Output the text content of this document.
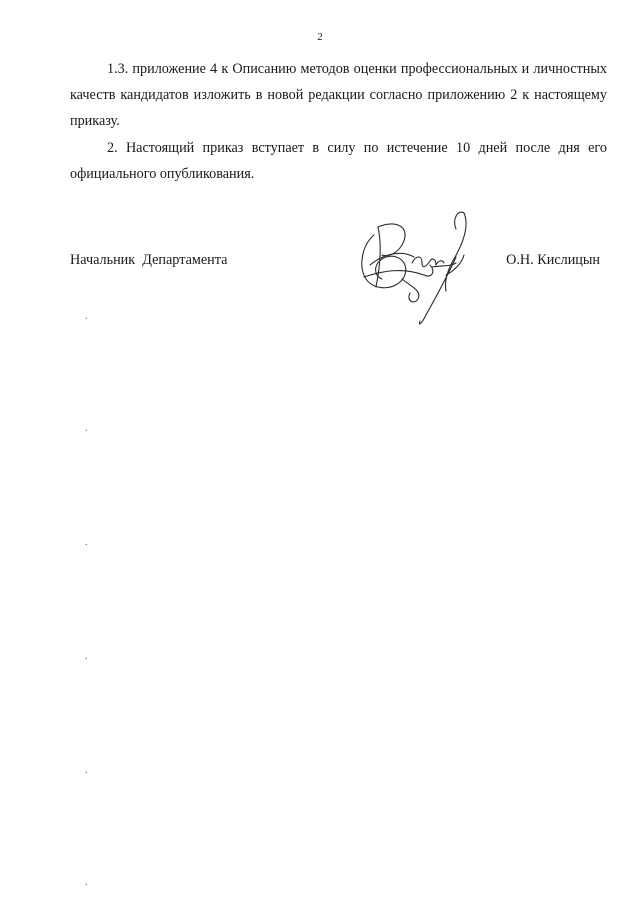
2

1.3. приложение 4 к Описанию методов оценки профессиональных и личностных качеств кандидатов изложить в новой редакции согласно приложению 2 к настоящему приказу.

2. Настоящий приказ вступает в силу по истечение 10 дней после дня его официального опубликования.

Начальник  Департамента	О.Н. Кислицын
.
.
.
.
.
.
